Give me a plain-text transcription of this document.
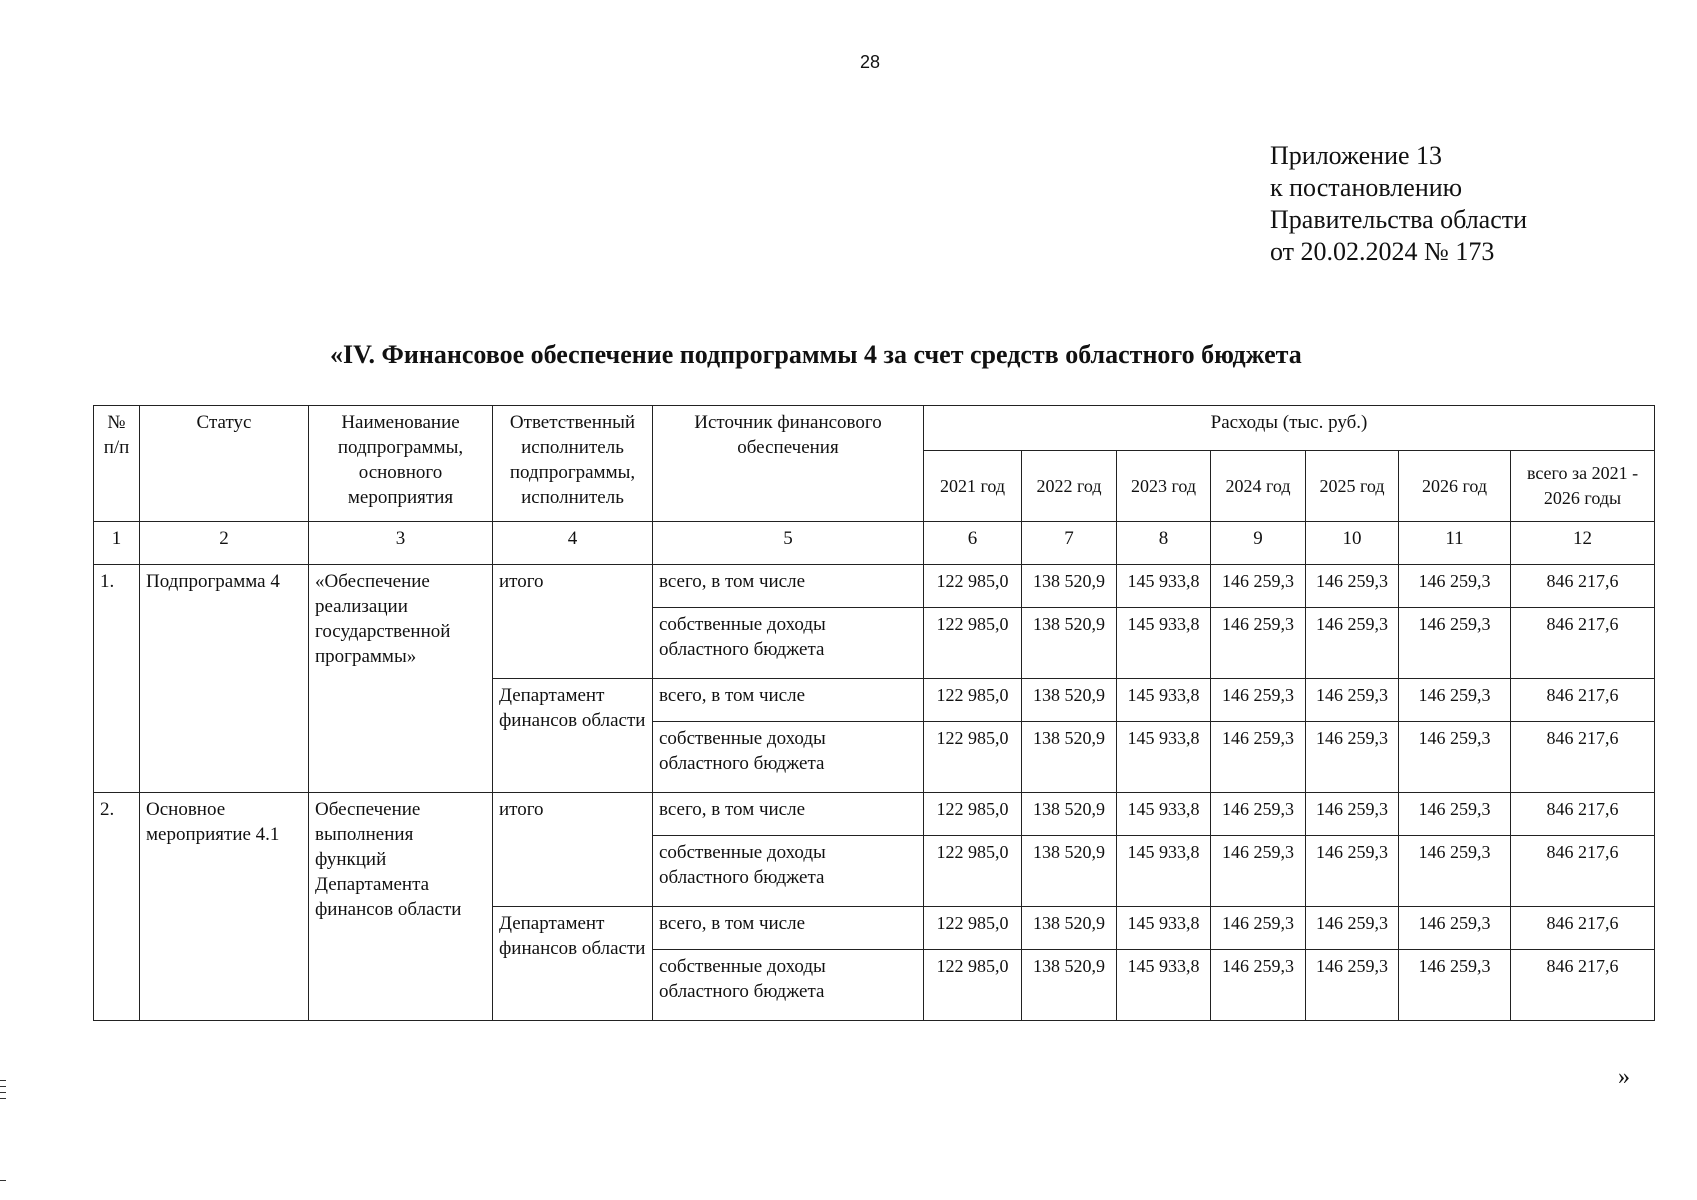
28
Приложение 13
к постановлению
Правительства области
от 20.02.2024 № 173
«IV. Финансовое обеспечение подпрограммы 4 за счет средств областного бюджета
№ п/п	Статус	Наименование подпрограммы, основного мероприятия	Ответственный исполнитель подпрограммы, исполнитель	Источник финансового обеспечения	Расходы (тыс. руб.)						
					2021 год	2022 год	2023 год	2024 год	2025 год	2026 год	всего за 2021 - 2026 годы
1	2	3	4	5	6	7	8	9	10	11	12
1.	Подпрограмма 4	«Обеспечение реализации государственной программы»	итого	всего, в том числе	122 985,0	138 520,9	145 933,8	146 259,3	146 259,3	146 259,3	846 217,6
				собственные доходы областного бюджета	122 985,0	138 520,9	145 933,8	146 259,3	146 259,3	146 259,3	846 217,6
			Департамент финансов области	всего, в том числе	122 985,0	138 520,9	145 933,8	146 259,3	146 259,3	146 259,3	846 217,6
				собственные доходы областного бюджета	122 985,0	138 520,9	145 933,8	146 259,3	146 259,3	146 259,3	846 217,6
2.	Основное мероприятие 4.1	Обеспечение выполнения функций Департамента финансов области	итого	всего, в том числе	122 985,0	138 520,9	145 933,8	146 259,3	146 259,3	146 259,3	846 217,6
				собственные доходы областного бюджета	122 985,0	138 520,9	145 933,8	146 259,3	146 259,3	146 259,3	846 217,6
			Департамент финансов области	всего, в том числе	122 985,0	138 520,9	145 933,8	146 259,3	146 259,3	146 259,3	846 217,6
				собственные доходы областного бюджета	122 985,0	138 520,9	145 933,8	146 259,3	146 259,3	146 259,3	846 217,6
»
